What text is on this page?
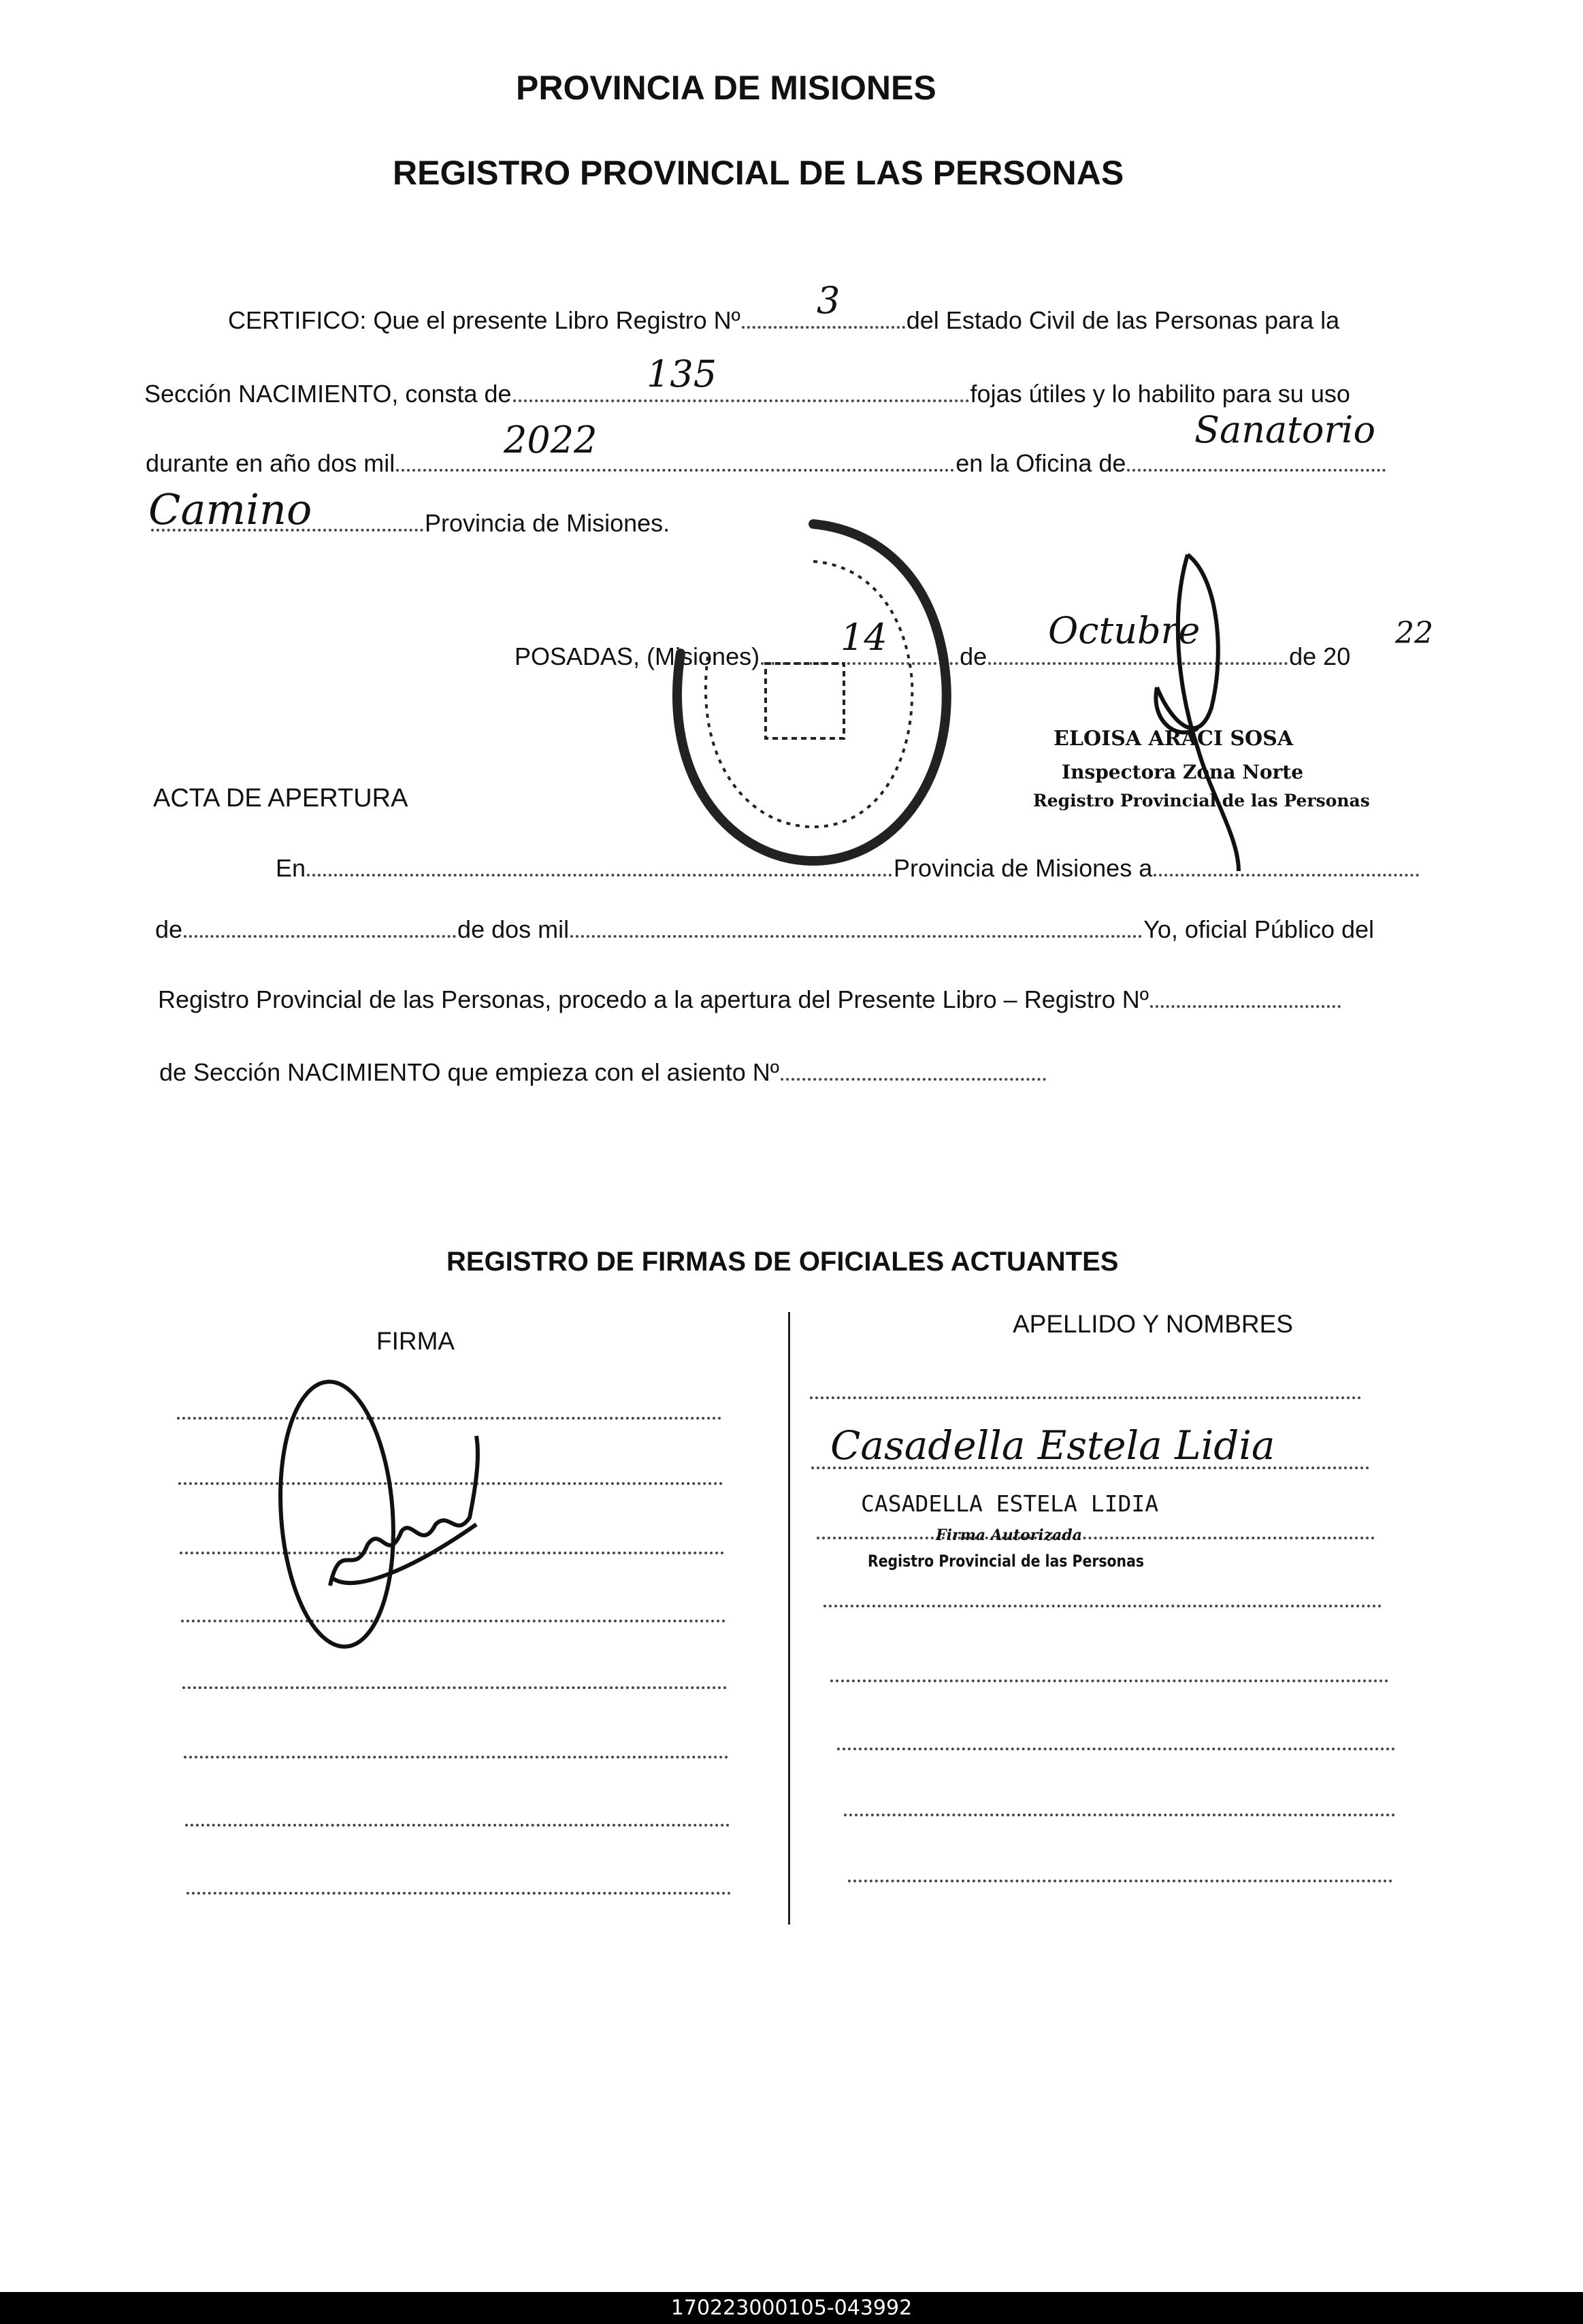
PROVINCIA DE MISIONES
REGISTRO PROVINCIAL DE LAS PERSONAS
CERTIFICO: Que el presente Libro Registro Nº	del Estado Civil de las Personas para la
3
Sección NACIMIENTO, consta de	fojas útiles y lo habilito para su uso
135
durante en año dos mil	en la Oficina de
2022	Sanatorio
Provincia de Misiones.
Camino
POSADAS, (Misiones)	de	de 20
14	Octubre	22
ELOISA ARACI SOSA
Inspectora Zona Norte
Registro Provincial de las Personas
ACTA DE APERTURA
En	Provincia de Misiones a
de	de dos mil	Yo, oficial Público del
Registro Provincial de las Personas, procedo a la apertura del Presente Libro – Registro Nº
de Sección NACIMIENTO que empieza con el asiento Nº
REGISTRO DE FIRMAS DE OFICIALES ACTUANTES
FIRMA
APELLIDO Y NOMBRES
Casadella Estela Lidia
CASADELLA ESTELA LIDIA
Firma Autorizada
Registro Provincial de las Personas
170223000105-043992
